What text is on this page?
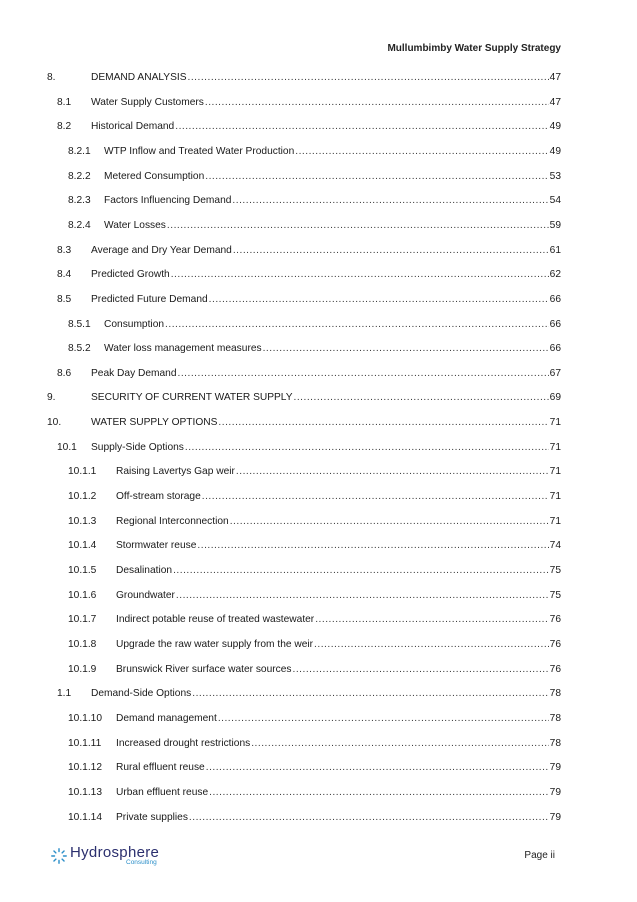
Mullumbimby Water Supply Strategy
8.	DEMAND ANALYSIS .....	47
8.1 Water Supply Customers .....	47
8.2 Historical Demand .....	49
8.2.1 WTP Inflow and Treated Water Production .....	49
8.2.2 Metered Consumption .....	53
8.2.3 Factors Influencing Demand .....	54
8.2.4 Water Losses .....	59
8.3 Average and Dry Year Demand .....	61
8.4 Predicted Growth .....	62
8.5 Predicted Future Demand .....	66
8.5.1 Consumption .....	66
8.5.2 Water loss management measures .....	66
8.6 Peak Day Demand .....	67
9.	SECURITY OF CURRENT WATER SUPPLY .....	69
10.	WATER SUPPLY OPTIONS .....	71
10.1 Supply-Side Options .....	71
10.1.1 Raising Lavertys Gap weir .....	71
10.1.2 Off-stream storage .....	71
10.1.3 Regional Interconnection .....	71
10.1.4 Stormwater reuse .....	74
10.1.5 Desalination .....	75
10.1.6 Groundwater .....	75
10.1.7 Indirect potable reuse of treated wastewater .....	76
10.1.8 Upgrade the raw water supply from the weir .....	76
10.1.9 Brunswick River surface water sources .....	76
1.1 Demand-Side Options .....	78
10.1.10 Demand management .....	78
10.1.11 Increased drought restrictions .....	78
10.1.12 Rural effluent reuse .....	79
10.1.13 Urban effluent reuse .....	79
10.1.14 Private supplies .....	79
Hydrosphere
Consulting
Page ii
